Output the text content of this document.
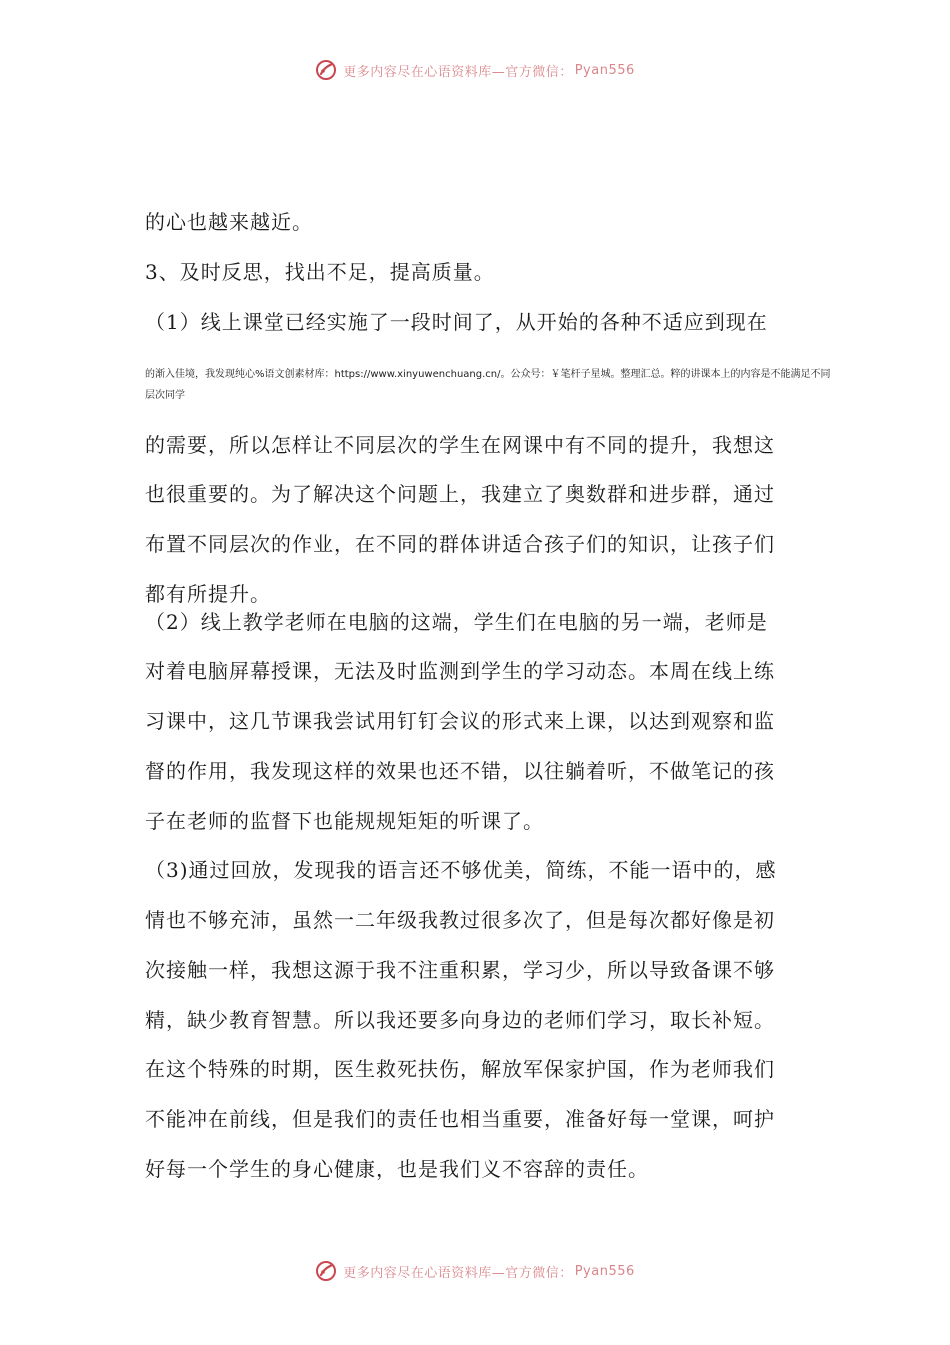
更多内容尽在心语资料库—官方微信： Pyan556
的心也越来越近。
3、及时反思，找出不足，提高质量。
（1）线上课堂已经实施了一段时间了，从开始的各种不适应到现在
的渐入佳境，我发现纯心%语文创素材库：https://www.xinyuwenchuang.cn/。公众号：￥笔杆子星城。整理汇总。粹的讲课本上的内容是不能满足不同
层次同学
的需要，所以怎样让不同层次的学生在网课中有不同的提升，我想这
也很重要的。为了解决这个问题上，我建立了奥数群和进步群，通过
布置不同层次的作业，在不同的群体讲适合孩子们的知识，让孩子们
都有所提升。
（2）线上教学老师在电脑的这端，学生们在电脑的另一端，老师是
对着电脑屏幕授课，无法及时监测到学生的学习动态。本周在线上练
习课中，这几节课我尝试用钉钉会议的形式来上课，以达到观察和监
督的作用，我发现这样的效果也还不错，以往躺着听，不做笔记的孩
子在老师的监督下也能规规矩矩的听课了。
（3)通过回放，发现我的语言还不够优美，简练，不能一语中的，感
情也不够充沛，虽然一二年级我教过很多次了，但是每次都好像是初
次接触一样，我想这源于我不注重积累，学习少，所以导致备课不够
精，缺少教育智慧。所以我还要多向身边的老师们学习，取长补短。
在这个特殊的时期，医生救死扶伤，解放军保家护国，作为老师我们
不能冲在前线，但是我们的责任也相当重要，准备好每一堂课，呵护
好每一个学生的身心健康，也是我们义不容辞的责任。
更多内容尽在心语资料库—官方微信： Pyan556
